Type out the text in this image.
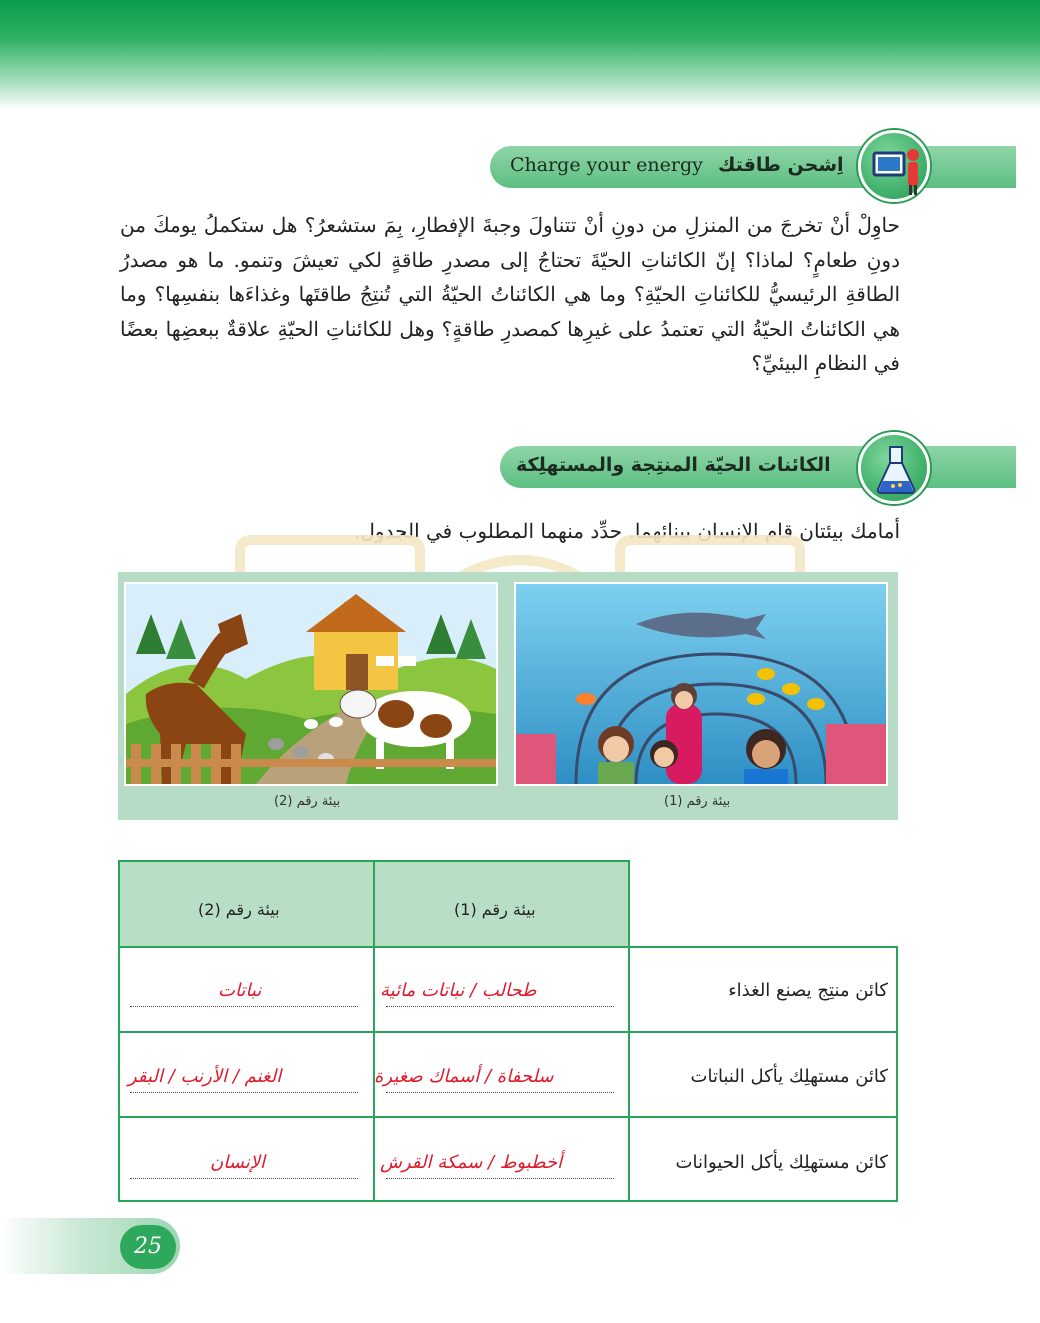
Charge your energy اِشحن طاقتك

حاوِلْ أنْ تخرجَ من المنزلِ من دونِ أنْ تتناولَ وجبةَ الإفطارِ، بِمَ ستشعرُ؟ هل ستكملُ يومكَ من دونِ طعامٍ؟ لماذا؟ إنّ الكائناتِ الحيّةَ تحتاجُ إلى مصدرِ طاقةٍ لكي تعيشَ وتنمو. ما هو مصدرُ الطاقةِ الرئيسيُّ للكائناتِ الحيّةِ؟ وما هي الكائناتُ الحيّةُ التي تُنتِجُ طاقتَها وغذاءَها بنفسِها؟ وما هي الكائناتُ الحيّةُ التي تعتمدُ على غيرِها كمصدرِ طاقةٍ؟ وهل للكائناتِ الحيّةِ علاقةٌ ببعضِها بعضًا في النظامِ البيئيِّ؟

الكائنات الحيّة المنتِجة والمستهلِكة

أمامك بيئتان قام الإنسان ببنائهما. حدِّد منهما المطلوب في الجدول.

بيئة رقم (2)	بيئة رقم (1)
بيئة رقم (2)	بيئة رقم (1)
كائن منتِج يصنع الغذاء
نباتات	طحالب / نباتات مائية
كائن مستهلِك يأكل النباتات
الغنم / الأرنب / البقر	سلحفاة / أسماك صغيرة
كائن مستهلِك يأكل الحيوانات
الإنسان	أخطبوط / سمكة القرش
25
